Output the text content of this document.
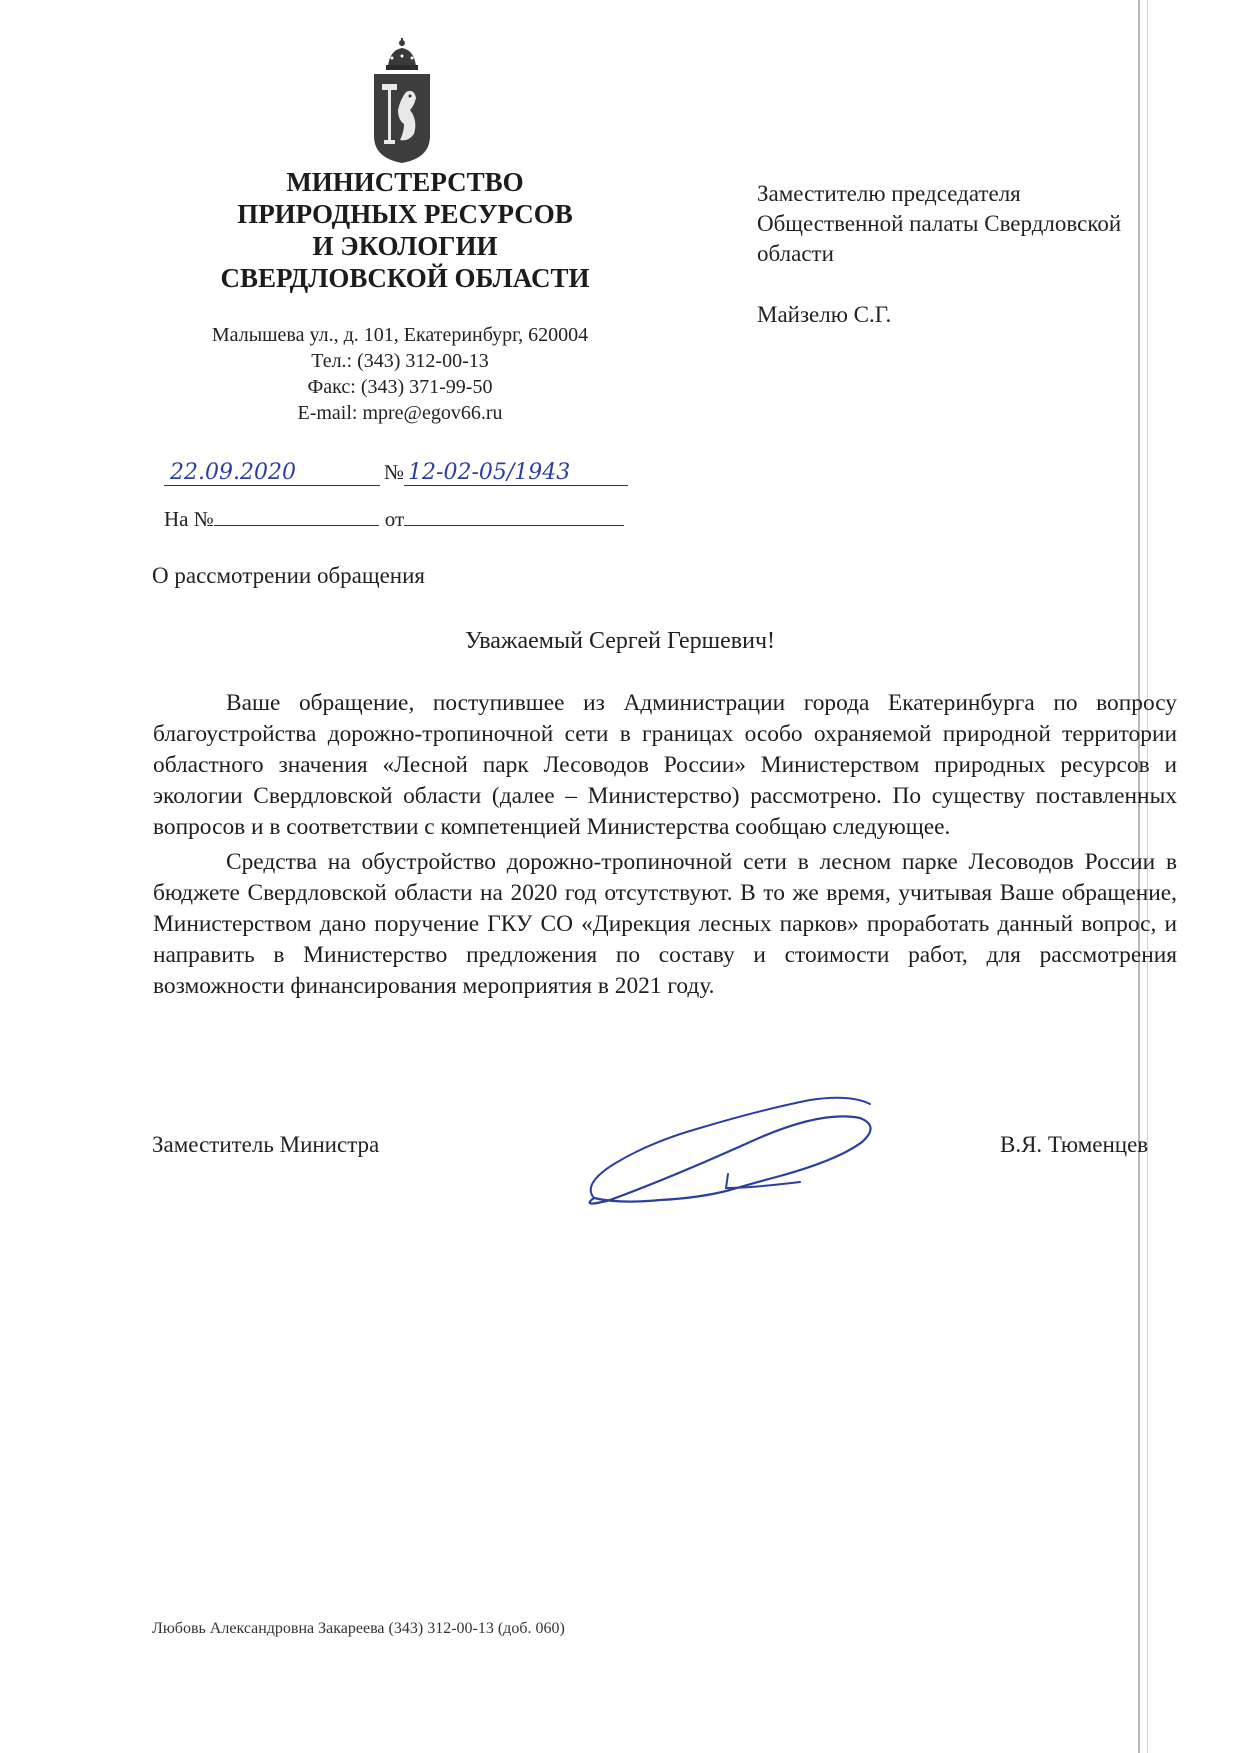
МИНИСТЕРСТВО
ПРИРОДНЫХ РЕСУРСОВ
И ЭКОЛОГИИ
СВЕРДЛОВСКОЙ ОБЛАСТИ
Малышева ул., д. 101, Екатеринбург, 620004
Тел.: (343) 312-00-13
Факс: (343) 371-99-50
E-mail: mpre@egov66.ru
22.09.2020	№ 12-02-05/1943
На №	от
Заместителю председателя
Общественной палаты Свердловской
области
Майзелю С.Г.
О рассмотрении обращения
Уважаемый Сергей Гершевич!

Ваше обращение, поступившее из Администрации города Екатеринбурга по вопросу благоустройства дорожно-тропиночной сети в границах особо охраняемой природной территории областного значения «Лесной парк Лесоводов России» Министерством природных ресурсов и экологии Свердловской области (далее – Министерство) рассмотрено. По существу поставленных вопросов и в соответствии с компетенцией Министерства сообщаю следующее.

Средства на обустройство дорожно-тропиночной сети в лесном парке Лесоводов России в бюджете Свердловской области на 2020 год отсутствуют. В то же время, учитывая Ваше обращение, Министерством дано поручение ГКУ СО «Дирекция лесных парков» проработать данный вопрос, и направить в Министерство предложения по составу и стоимости работ, для рассмотрения возможности финансирования мероприятия в 2021 году.

Заместитель Министра	В.Я. Тюменцев
Любовь Александровна Закареева (343) 312-00-13 (доб. 060)
